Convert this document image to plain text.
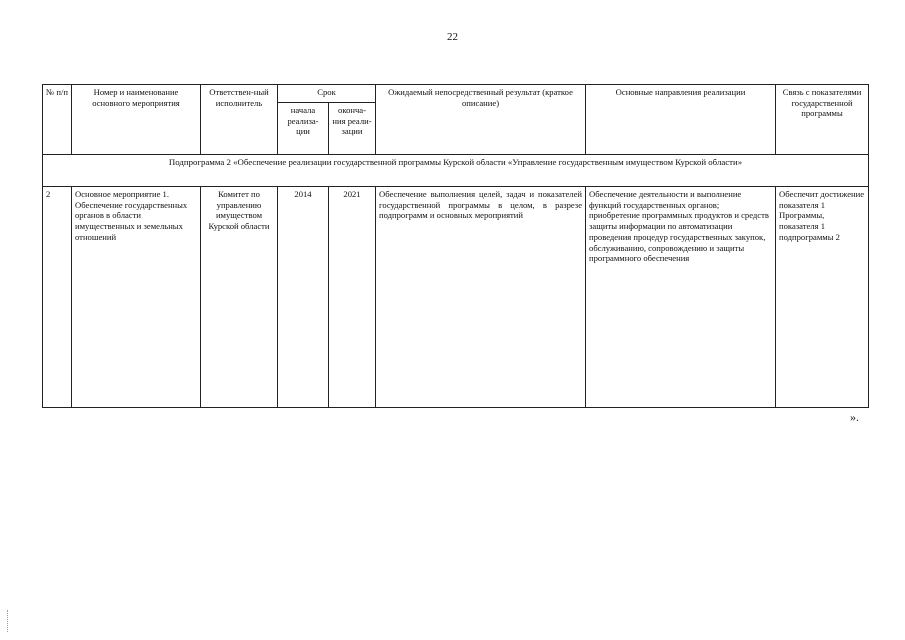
22
№ п/п	Номер и наименование основного мероприятия	Ответствен-ный исполнитель	Срок		Ожидаемый непосредственный результат (краткое описание)	Основные направления реализации	Связь с показателями государственной программы
			начала реализа-ции	оконча-ния реали-зации			
Подпрограмма 2 «Обеспечение реализации государственной программы Курской области «Управление государственным имуществом Курской области»							
2	Основное мероприятие 1. Обеспечение государственных органов в области имущественных и земельных отношений	Комитет по управлению имуществом Курской области	2014	2021	Обеспечение выполнения целей, задач и показателей государственной программы в целом, в разрезе подпрограмм и основных мероприятий	Обеспечение деятельности и выполнение функций государственных органов; приобретение программных продуктов и средств защиты информации по автоматизации проведения процедур государственных закупок, обслуживанию, сопровождению и защиты программного обеспечения	Обеспечит достижение показателя 1 Программы, показателя 1 подпрограммы 2
».
